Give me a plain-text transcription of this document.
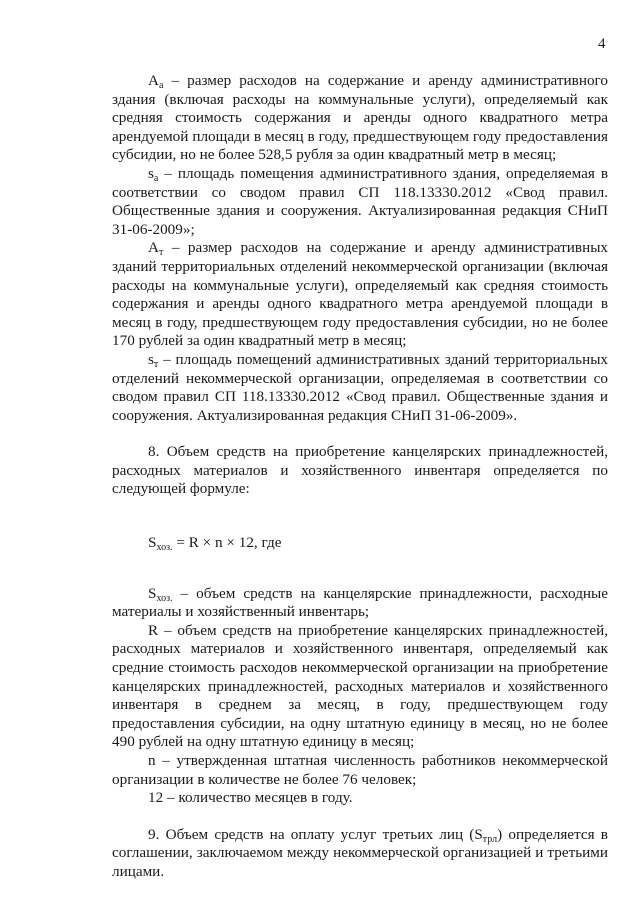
4

$А_а$ – размер расходов на содержание и аренду административного здания (включая расходы на коммунальные услуги), определяемый как средняя стоимость содержания и аренды одного квадратного метра арендуемой площади в месяц в году, предшествующем году предоставления субсидии, но не более 528,5 рубля за один квадратный метр в месяц;

$s_а$ – площадь помещения административного здания, определяемая в соответствии со сводом правил СП 118.13330.2012 «Свод правил. Общественные здания и сооружения. Актуализированная редакция СНиП 31-06-2009»;

$А_т$ – размер расходов на содержание и аренду административных зданий территориальных отделений некоммерческой организации (включая расходы на коммунальные услуги), определяемый как средняя стоимость содержания и аренды одного квадратного метра арендуемой площади в месяц в году, предшествующем году предоставления субсидии, но не более 170 рублей за один квадратный метр в месяц;

$s_т$ – площадь помещений административных зданий территориальных отделений некоммерческой организации, определяемая в соответствии со сводом правил СП 118.13330.2012 «Свод правил. Общественные здания и сооружения. Актуализированная редакция СНиП 31-06-2009».

8. Объем средств на приобретение канцелярских принадлежностей, расходных материалов и хозяйственного инвентаря определяется по следующей формуле:

$S_{хоз.} = R \times n \times 12$, где

$S_{хоз.}$ – объем средств на канцелярские принадлежности, расходные материалы и хозяйственный инвентарь;

R – объем средств на приобретение канцелярских принадлежностей, расходных материалов и хозяйственного инвентаря, определяемый как средние стоимость расходов некоммерческой организации на приобретение канцелярских принадлежностей, расходных материалов и хозяйственного инвентаря в среднем за месяц, в году, предшествующем году предоставления субсидии, на одну штатную единицу в месяц, но не более 490 рублей на одну штатную единицу в месяц;

n – утвержденная штатная численность работников некоммерческой организации в количестве не более 76 человек;

12 – количество месяцев в году.

9. Объем средств на оплату услуг третьих лиц $(S_{трл})$ определяется в соглашении, заключаемом между некоммерческой организацией и третьими лицами.
